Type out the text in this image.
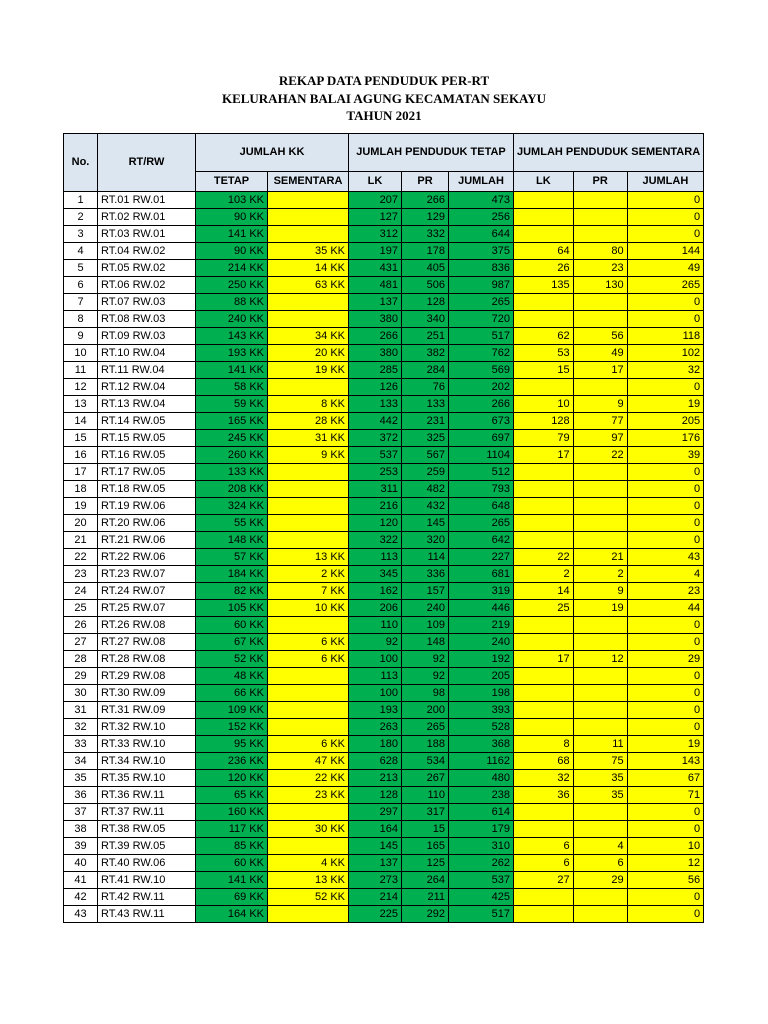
REKAP DATA PENDUDUK PER-RT
KELURAHAN BALAI AGUNG KECAMATAN SEKAYU
TAHUN 2021
No.	RT/RW	JUMLAH KK		JUMLAH PENDUDUK TETAP			JUMLAH PENDUDUK SEMENTARA		
		TETAP	SEMENTARA	LK	PR	JUMLAH	LK	PR	JUMLAH
1	RT.01 RW.01	103 KK		207	266	473			0
2	RT.02 RW.01	90 KK		127	129	256			0
3	RT.03 RW.01	141 KK		312	332	644			0
4	RT.04 RW.02	90 KK	35 KK	197	178	375	64	80	144
5	RT.05 RW.02	214 KK	14 KK	431	405	836	26	23	49
6	RT.06 RW.02	250 KK	63 KK	481	506	987	135	130	265
7	RT.07 RW.03	88 KK		137	128	265			0
8	RT.08 RW.03	240 KK		380	340	720			0
9	RT.09 RW.03	143 KK	34 KK	266	251	517	62	56	118
10	RT.10 RW.04	193 KK	20 KK	380	382	762	53	49	102
11	RT.11 RW.04	141 KK	19 KK	285	284	569	15	17	32
12	RT.12 RW.04	58 KK		126	76	202			0
13	RT.13 RW.04	59 KK	8 KK	133	133	266	10	9	19
14	RT.14 RW.05	165 KK	28 KK	442	231	673	128	77	205
15	RT.15 RW.05	245 KK	31 KK	372	325	697	79	97	176
16	RT.16 RW.05	260 KK	9 KK	537	567	1104	17	22	39
17	RT.17 RW.05	133 KK		253	259	512			0
18	RT.18 RW.05	208 KK		311	482	793			0
19	RT.19 RW.06	324 KK		216	432	648			0
20	RT.20 RW.06	55 KK		120	145	265			0
21	RT.21 RW.06	148 KK		322	320	642			0
22	RT.22 RW.06	57 KK	13 KK	113	114	227	22	21	43
23	RT.23 RW.07	184 KK	2 KK	345	336	681	2	2	4
24	RT.24 RW.07	82 KK	7 KK	162	157	319	14	9	23
25	RT.25 RW.07	105 KK	10 KK	206	240	446	25	19	44
26	RT.26 RW.08	60 KK		110	109	219			0
27	RT.27 RW.08	67 KK	6 KK	92	148	240			0
28	RT.28 RW.08	52 KK	6 KK	100	92	192	17	12	29
29	RT.29 RW.08	48 KK		113	92	205			0
30	RT.30 RW.09	66 KK		100	98	198			0
31	RT.31 RW.09	109 KK		193	200	393			0
32	RT.32 RW.10	152 KK		263	265	528			0
33	RT.33 RW.10	95 KK	6 KK	180	188	368	8	11	19
34	RT.34 RW.10	236 KK	47 KK	628	534	1162	68	75	143
35	RT.35 RW.10	120 KK	22 KK	213	267	480	32	35	67
36	RT.36 RW.11	65 KK	23 KK	128	110	238	36	35	71
37	RT.37 RW.11	160 KK		297	317	614			0
38	RT.38 RW.05	117 KK	30 KK	164	15	179			0
39	RT.39 RW.05	85 KK		145	165	310	6	4	10
40	RT.40 RW.06	60 KK	4 KK	137	125	262	6	6	12
41	RT.41 RW.10	141 KK	13 KK	273	264	537	27	29	56
42	RT.42 RW.11	69 KK	52 KK	214	211	425			0
43	RT.43 RW.11	164 KK		225	292	517			0
